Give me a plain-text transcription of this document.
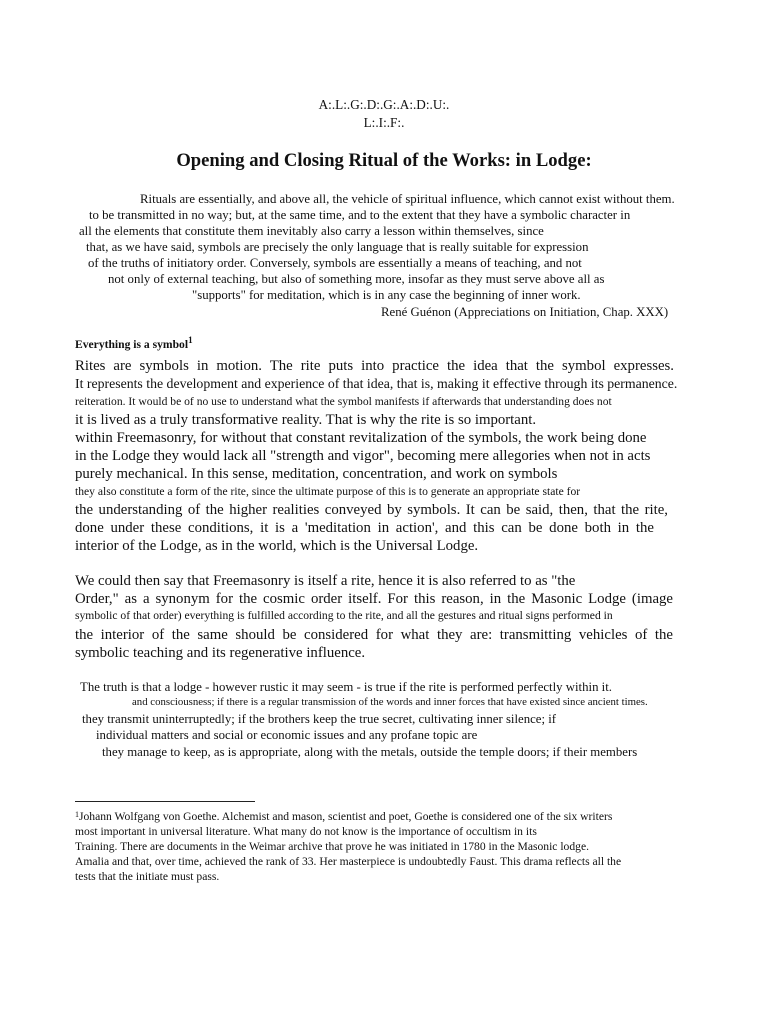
A:.L:.G:.D:.G:.A:.D:.U:.
L:.I:.F:.
Opening and Closing Ritual of the Works: in Lodge:
Rituals are essentially, and above all, the vehicle of spiritual influence, which cannot exist without them.
to be transmitted in no way; but, at the same time, and to the extent that they have a symbolic character in
all the elements that constitute them inevitably also carry a lesson within themselves, since
that, as we have said, symbols are precisely the only language that is really suitable for expression
of the truths of initiatory order. Conversely, symbols are essentially a means of teaching, and not
not only of external teaching, but also of something more, insofar as they must serve above all as
"supports" for meditation, which is in any case the beginning of inner work.
René Guénon (Appreciations on Initiation, Chap. XXX)
Everything is a symbol$^1$
Rites are symbols in motion. The rite puts into practice the idea that the symbol expresses.
It represents the development and experience of that idea, that is, making it effective through its permanence.
reiteration. It would be of no use to understand what the symbol manifests if afterwards that understanding does not
it is lived as a truly transformative reality. That is why the rite is so important.
within Freemasonry, for without that constant revitalization of the symbols, the work being done
in the Lodge they would lack all "strength and vigor", becoming mere allegories when not in acts
purely mechanical. In this sense, meditation, concentration, and work on symbols
they also constitute a form of the rite, since the ultimate purpose of this is to generate an appropriate state for
the understanding of the higher realities conveyed by symbols. It can be said, then, that the rite,
done under these conditions, it is a 'meditation in action', and this can be done both in the
interior of the Lodge, as in the world, which is the Universal Lodge.
We could then say that Freemasonry is itself a rite, hence it is also referred to as "the
Order," as a synonym for the cosmic order itself. For this reason, in the Masonic Lodge (image
symbolic of that order) everything is fulfilled according to the rite, and all the gestures and ritual signs performed in
the interior of the same should be considered for what they are: transmitting vehicles of the
symbolic teaching and its regenerative influence.
The truth is that a lodge - however rustic it may seem - is true if the rite is performed perfectly within it.
and consciousness; if there is a regular transmission of the words and inner forces that have existed since ancient times.
they transmit uninterruptedly; if the brothers keep the true secret, cultivating inner silence; if
individual matters and social or economic issues and any profane topic are
they manage to keep, as is appropriate, along with the metals, outside the temple doors; if their members
$^1$Johann Wolfgang von Goethe. Alchemist and mason, scientist and poet, Goethe is considered one of the six writers
most important in universal literature. What many do not know is the importance of occultism in its
Training. There are documents in the Weimar archive that prove he was initiated in 1780 in the Masonic lodge.
Amalia and that, over time, achieved the rank of 33. Her masterpiece is undoubtedly Faust. This drama reflects all the
tests that the initiate must pass.
